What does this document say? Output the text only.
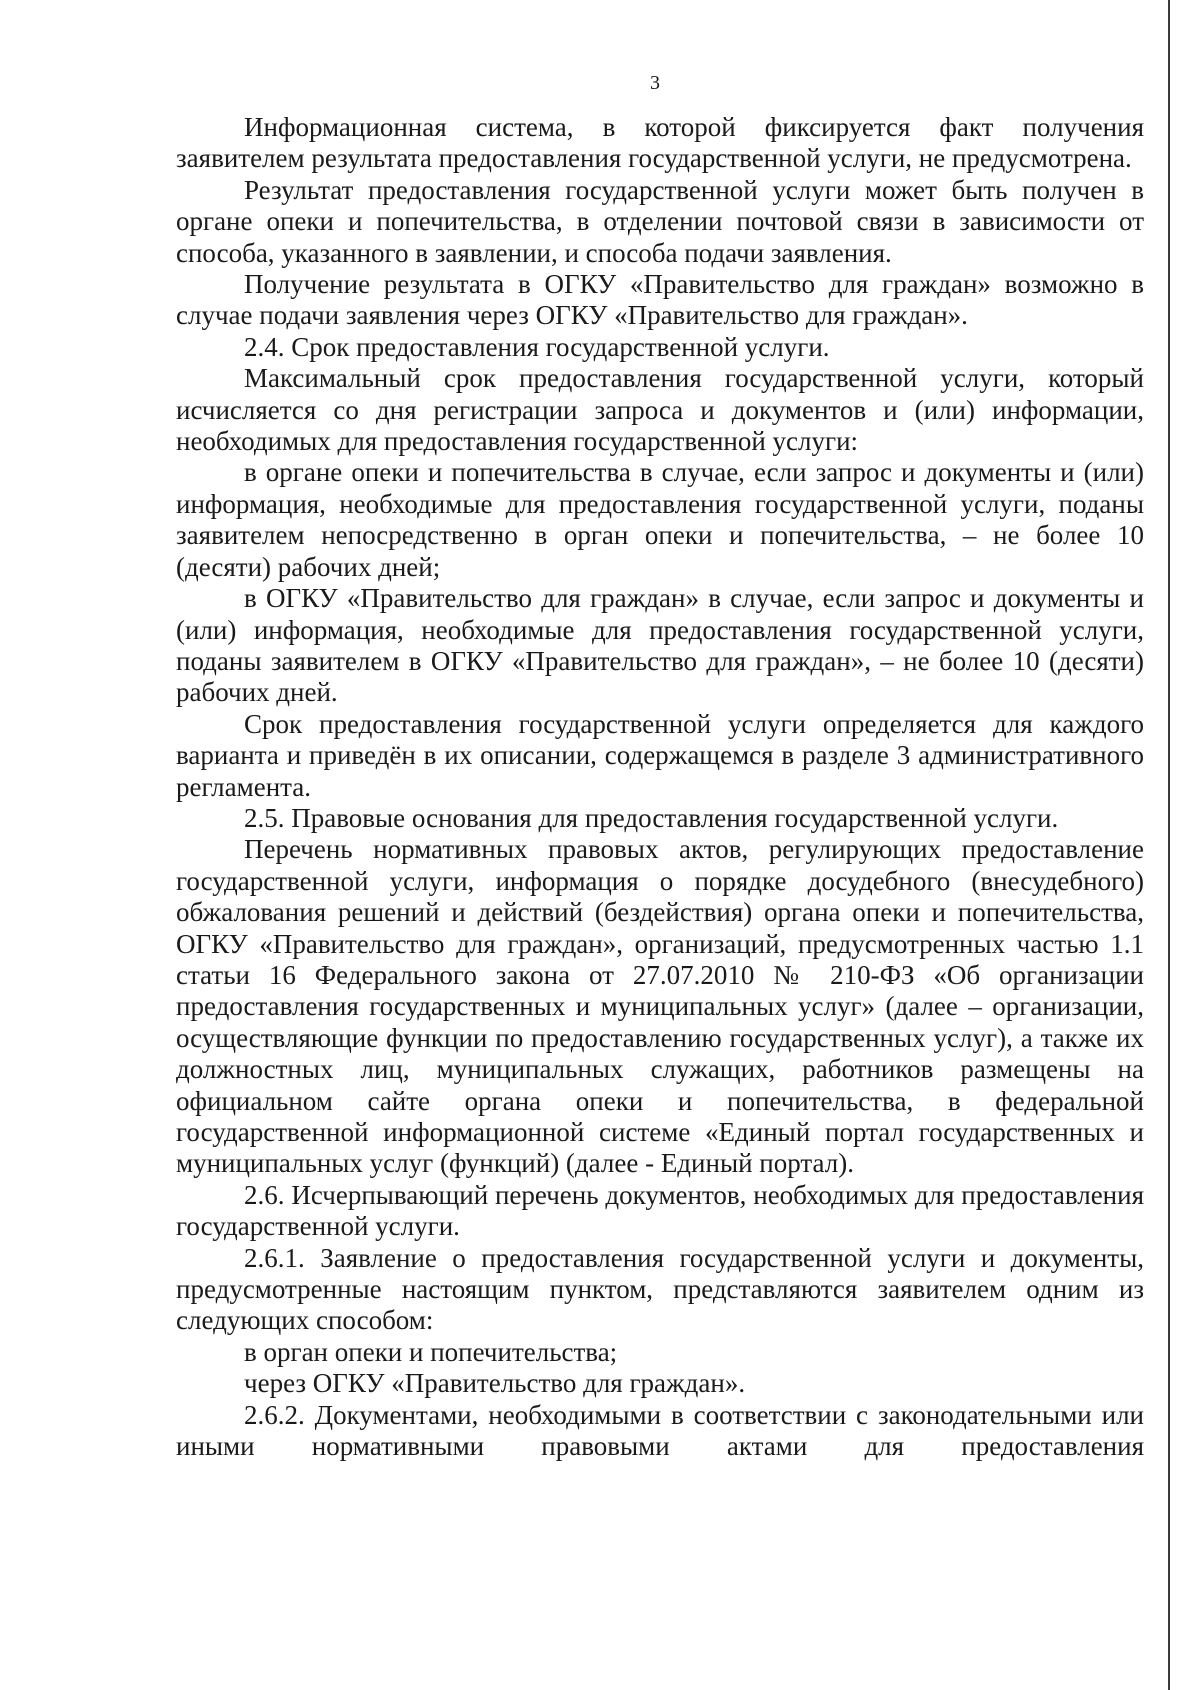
3

Информационная система, в которой фиксируется факт получения заявителем результата предоставления государственной услуги, не предусмотрена.

Результат предоставления государственной услуги может быть получен в органе опеки и попечительства, в отделении почтовой связи в зависимости от способа, указанного в заявлении, и способа подачи заявления.

Получение результата в ОГКУ «Правительство для граждан» возможно в случае подачи заявления через ОГКУ «Правительство для граждан».

2.4. Срок предоставления государственной услуги.

Максимальный срок предоставления государственной услуги, который исчисляется со дня регистрации запроса и документов и (или) информации, необходимых для предоставления государственной услуги:

в органе опеки и попечительства в случае, если запрос и документы и (или) информация, необходимые для предоставления государственной услуги, поданы заявителем непосредственно в орган опеки и попечительства, – не более 10 (десяти) рабочих дней;

в ОГКУ «Правительство для граждан» в случае, если запрос и документы и (или) информация, необходимые для предоставления государственной услуги, поданы заявителем в ОГКУ «Правительство для граждан», – не более 10 (десяти) рабочих дней.

Срок предоставления государственной услуги определяется для каждого варианта и приведён в их описании, содержащемся в разделе 3 административного регламента.

2.5. Правовые основания для предоставления государственной услуги.

Перечень нормативных правовых актов, регулирующих предоставление государственной услуги, информация о порядке досудебного (внесудебного) обжалования решений и действий (бездействия) органа опеки и попечительства, ОГКУ «Правительство для граждан», организаций, предусмотренных частью 1.1 статьи 16 Федерального закона от 27.07.2010 № 210-ФЗ «Об организации предоставления государственных и муниципальных услуг» (далее – организации, осуществляющие функции по предоставлению государственных услуг), а также их должностных лиц, муниципальных служащих, работников размещены на официальном сайте органа опеки и попечительства, в федеральной государственной информационной системе «Единый портал государственных и муниципальных услуг (функций) (далее - Единый портал).

2.6. Исчерпывающий перечень документов, необходимых для предоставления государственной услуги.

2.6.1. Заявление о предоставления государственной услуги и документы, предусмотренные настоящим пунктом, представляются заявителем одним из следующих способом:

в орган опеки и попечительства;

через ОГКУ «Правительство для граждан».

2.6.2. Документами, необходимыми в соответствии с законодательными или иными нормативными правовыми актами для предоставления
